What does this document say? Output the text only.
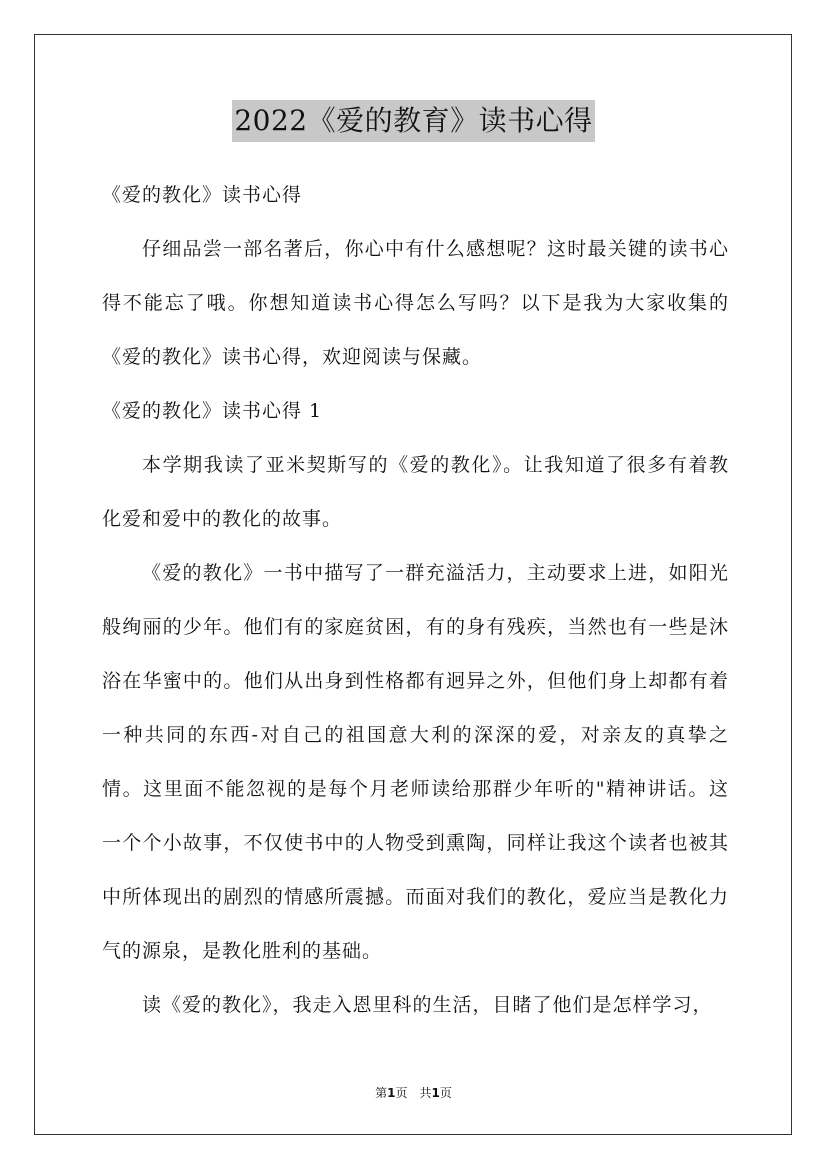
2022《爱的教育》读书心得

《爱的教化》读书心得

仔细品尝一部名著后，你心中有什么感想呢？这时最关键的读书心得不能忘了哦。你想知道读书心得怎么写吗？以下是我为大家收集的《爱的教化》读书心得，欢迎阅读与保藏。

《爱的教化》读书心得 1

本学期我读了亚米契斯写的《爱的教化》。让我知道了很多有着教化爱和爱中的教化的故事。

《爱的教化》一书中描写了一群充溢活力，主动要求上进，如阳光般绚丽的少年。他们有的家庭贫困，有的身有残疾，当然也有一些是沐浴在华蜜中的。他们从出身到性格都有迥异之外，但他们身上却都有着一种共同的东西-对自己的祖国意大利的深深的爱，对亲友的真挚之情。这里面不能忽视的是每个月老师读给那群少年听的"精神讲话。这一个个小故事，不仅使书中的人物受到熏陶，同样让我这个读者也被其中所体现出的剧烈的情感所震撼。而面对我们的教化，爱应当是教化力气的源泉，是教化胜利的基础。

读《爱的教化》，我走入恩里科的生活，目睹了他们是怎样学习，

第1页　共1页
